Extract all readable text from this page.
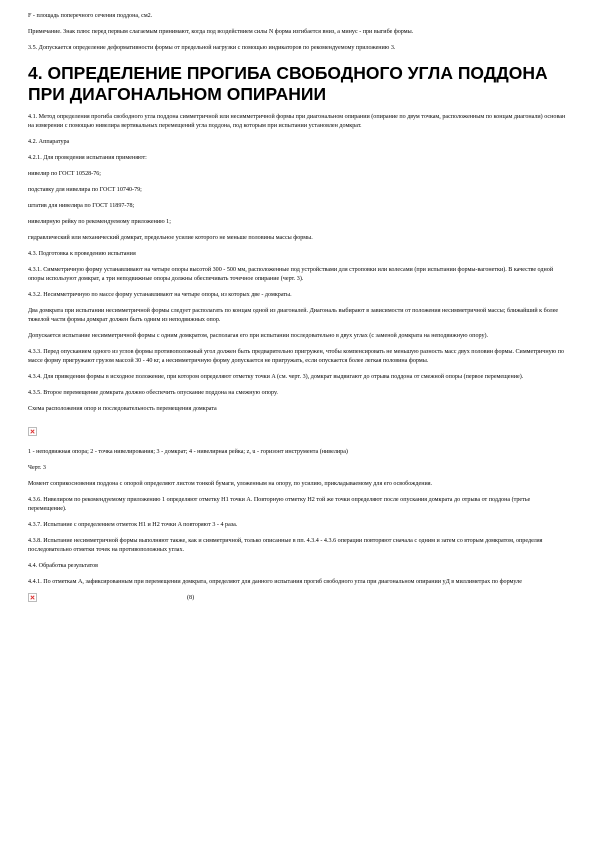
F - площадь поперечного сечения поддона, см2.

Примечание. Знак плюс перед первым слагаемым принимают, когда под воздействием силы N форма изгибается вниз, а минус - при выгибе формы.

3.5. Допускается определение деформативности формы от предельной нагрузки с помощью индикаторов по рекомендуемому приложению 3.

4. ОПРЕДЕЛЕНИЕ ПРОГИБА СВОБОДНОГО УГЛА ПОДДОНА ПРИ ДИАГОНАЛЬНОМ ОПИРАНИИ

4.1. Метод определения прогиба свободного угла поддона симметричной или несимметричной формы при диагональном опирании (опирание по двум точкам, расположенным по концам диагонали) основан на измерении с помощью нивелира вертикальных перемещений угла поддона, под которым при испытании установлен домкрат.

4.2. Аппаратура

4.2.1. Для проведения испытания применяют:

нивелир по ГОСТ 10528-76;

подставку для нивелира по ГОСТ 10740-79;

штатив для нивелира по ГОСТ 11897-78;

нивелирную рейку по рекомендуемому приложению 1;

гидравлический или механический домкрат, предельное усилие которого не меньше половины массы формы.

4.3. Подготовка к проведению испытания

4.3.1. Симметричную форму устанавливают на четыре опоры высотой 300 - 500 мм, расположенные под устройствами для строповки или колесами (при испытании формы-вагонетки). В качестве одной опоры используют домкрат, а три неподвижные опоры должны обеспечивать точечное опирание (черт. 3).

4.3.2. Несимметричную по массе форму устанавливают на четыре опоры, из которых две - домкраты.

Два домкрата при испытании несимметричной формы следует располагать по концам одной из диагоналей. Диагональ выбирают в зависимости от положения несимметричной массы; ближайший к более тяжелой части формы домкрат должен быть одним из неподвижных опор.

Допускается испытание несимметричной формы с одним домкратом, располагая его при испытании последовательно в двух углах (с заменой домкрата на неподвижную опору).

4.3.3. Перед опусканием одного из углов формы противоположный угол должен быть предварительно пригружен, чтобы компенсировать не меньшую разность масс двух половин формы. Симметричную по массе форму пригружают грузом массой 30 - 40 кг, а несимметричную форму допускается не пригружать, если опускается более легкая половина формы.

4.3.4. Для приведения формы в исходное положение, при котором определяют отметку точки A (см. черт. 3), домкрат выдвигают до отрыва поддона от смежной опоры (первое перемещение).

4.3.5. Второе перемещение домкрата должно обеспечить опускание поддона на смежную опору.

Схема расположения опор и последовательность перемещения домкрата

1 - неподвижная опора; 2 - точка нивелирования; 3 - домкрат; 4 - нивелирная рейка; z, u - горизонт инструмента (нивелира)

Черт. 3

Момент соприкосновения поддона с опорой определяют листом тонкой бумаги, уложенным на опору, по усилию, прикладываемому для его освобождения.

4.3.6. Нивелиром по рекомендуемому приложению 1 определяют отметку H1 точки A. Повторную отметку H2 той же точки определяют после опускания домкрата до отрыва от поддона (третье перемещение).

4.3.7. Испытание с определением отметок H1 и H2 точки A повторяют 3 - 4 раза.

4.3.8. Испытание несимметричной формы выполняют также, как и симметричной, только описанные в пп. 4.3.4 - 4.3.6 операции повторяют сначала с одним и затем со вторым домкратом, определяя последовательно отметки точек на противоположных углах.

4.4. Обработка результатов

4.4.1. По отметкам A, зафиксированным при перемещении домкрата, определяют для данного испытания прогиб свободного угла при диагональном опирании уД в миллиметрах по формуле

(8)
